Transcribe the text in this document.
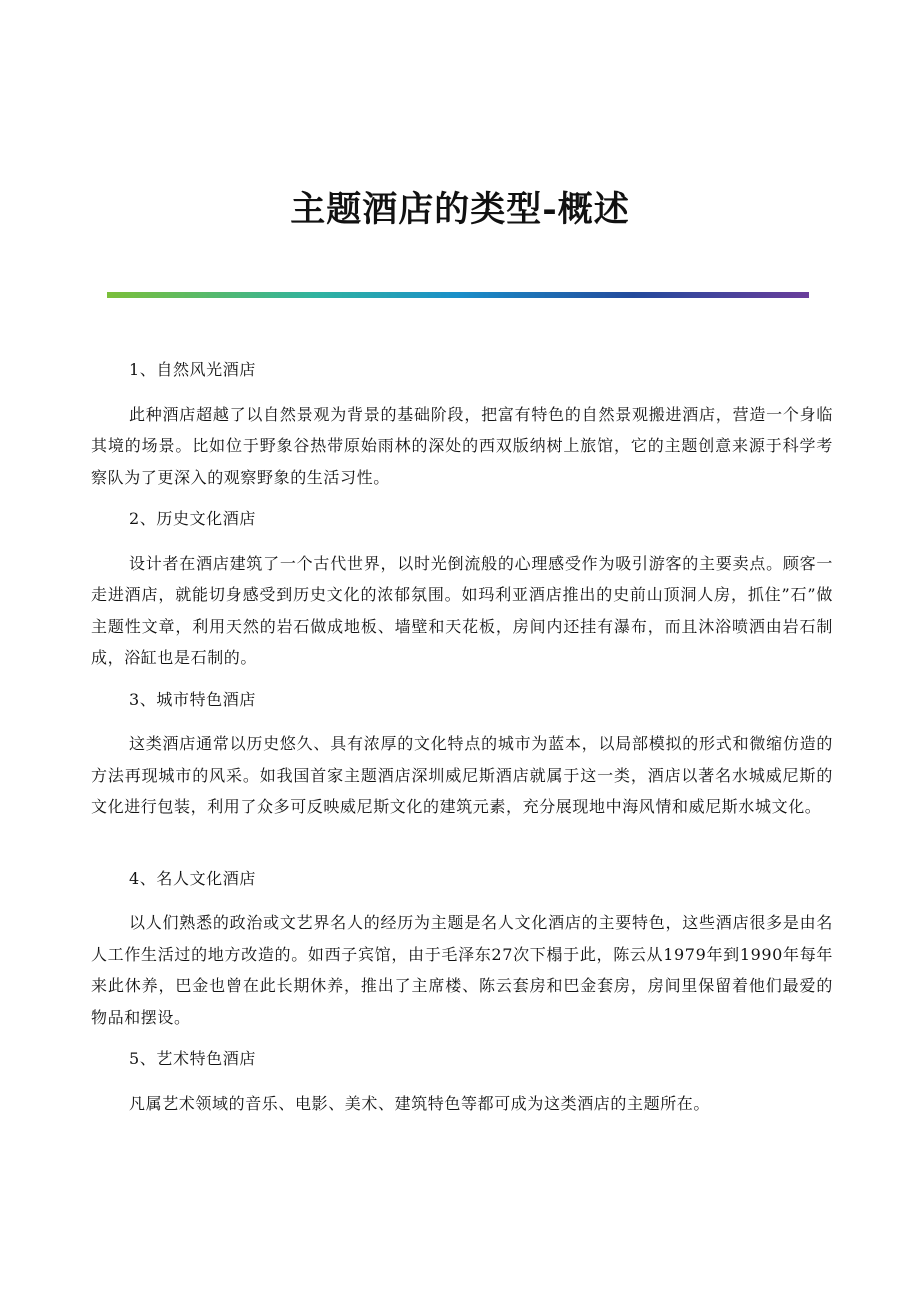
主题酒店的类型-概述
1、自然风光酒店

此种酒店超越了以自然景观为背景的基础阶段，把富有特色的自然景观搬进酒店，营造一个身临其境的场景。比如位于野象谷热带原始雨林的深处的西双版纳树上旅馆，它的主题创意来源于科学考察队为了更深入的观察野象的生活习性。

2、历史文化酒店

设计者在酒店建筑了一个古代世界，以时光倒流般的心理感受作为吸引游客的主要卖点。顾客一走进酒店，就能切身感受到历史文化的浓郁氛围。如玛利亚酒店推出的史前山顶洞人房，抓住”石”做主题性文章，利用天然的岩石做成地板、墙壁和天花板，房间内还挂有瀑布，而且沐浴喷洒由岩石制成，浴缸也是石制的。

3、城市特色酒店

这类酒店通常以历史悠久、具有浓厚的文化特点的城市为蓝本，以局部模拟的形式和微缩仿造的方法再现城市的风采。如我国首家主题酒店深圳威尼斯酒店就属于这一类，酒店以著名水城威尼斯的文化进行包装，利用了众多可反映威尼斯文化的建筑元素，充分展现地中海风情和威尼斯水城文化。

4、名人文化酒店

以人们熟悉的政治或文艺界名人的经历为主题是名人文化酒店的主要特色，这些酒店很多是由名人工作生活过的地方改造的。如西子宾馆，由于毛泽东27次下榻于此，陈云从1979年到1990年每年来此休养，巴金也曾在此长期休养，推出了主席楼、陈云套房和巴金套房，房间里保留着他们最爱的物品和摆设。

5、艺术特色酒店

凡属艺术领域的音乐、电影、美术、建筑特色等都可成为这类酒店的主题所在。
